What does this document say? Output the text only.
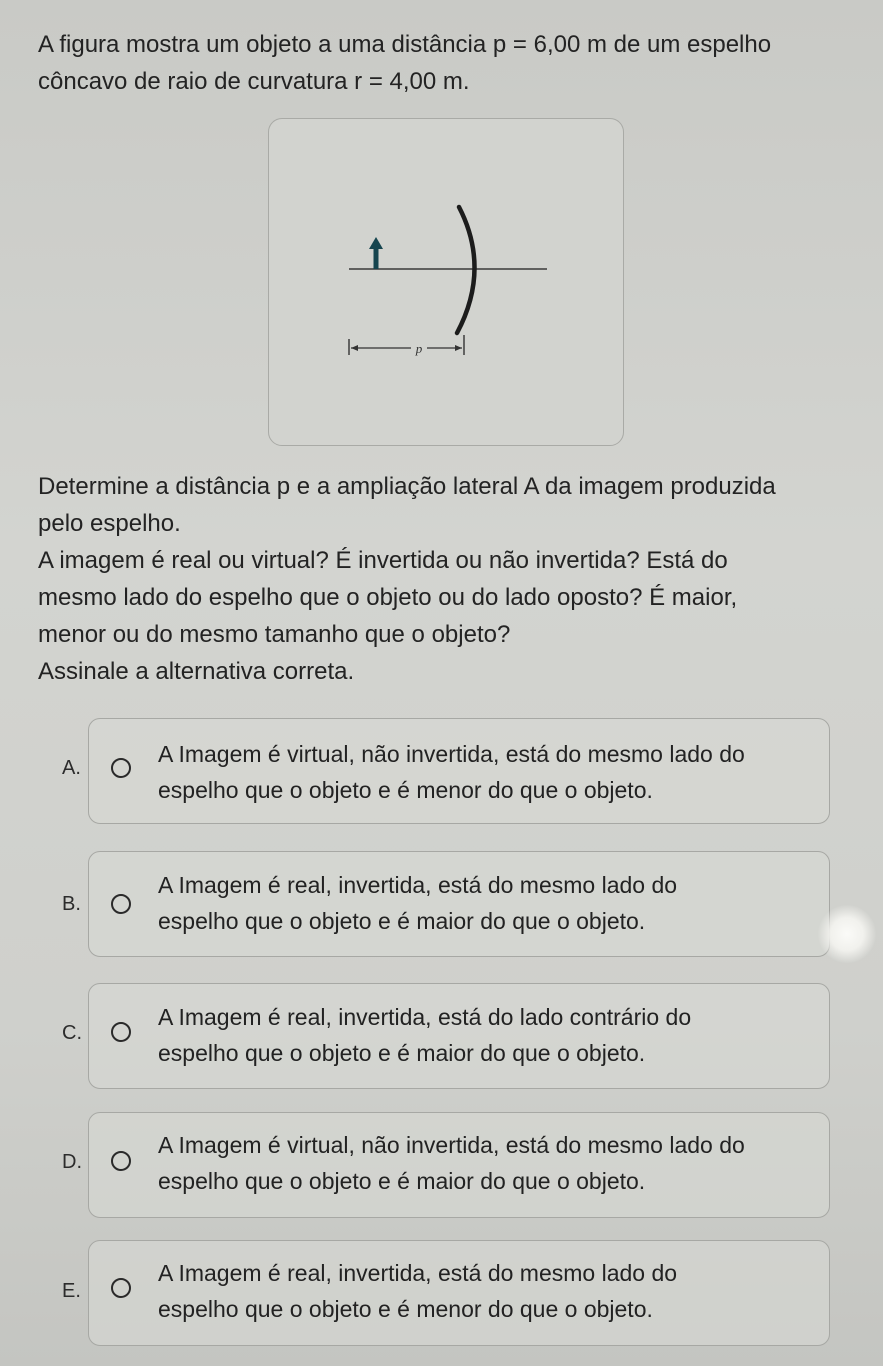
A figura mostra um objeto a uma distância p = 6,00 m de um espelho
côncavo de raio de curvatura r = 4,00 m.
p
Determine a distância p e a ampliação lateral A da imagem produzida
pelo espelho.
A imagem é real ou virtual? É invertida ou não invertida? Está do
mesmo lado do espelho que o objeto ou do lado oposto? É maior,
menor ou do mesmo tamanho que o objeto?
Assinale a alternativa correta.
A.
A Imagem é virtual, não invertida, está do mesmo lado do
espelho que o objeto e é menor do que o objeto.
B.
A Imagem é real, invertida, está do mesmo lado do
espelho que o objeto e é maior do que o objeto.
C.
A Imagem é real, invertida, está do lado contrário do
espelho que o objeto e é maior do que o objeto.
D.
A Imagem é virtual, não invertida, está do mesmo lado do
espelho que o objeto e é maior do que o objeto.
E.
A Imagem é real, invertida, está do mesmo lado do
espelho que o objeto e é menor do que o objeto.
